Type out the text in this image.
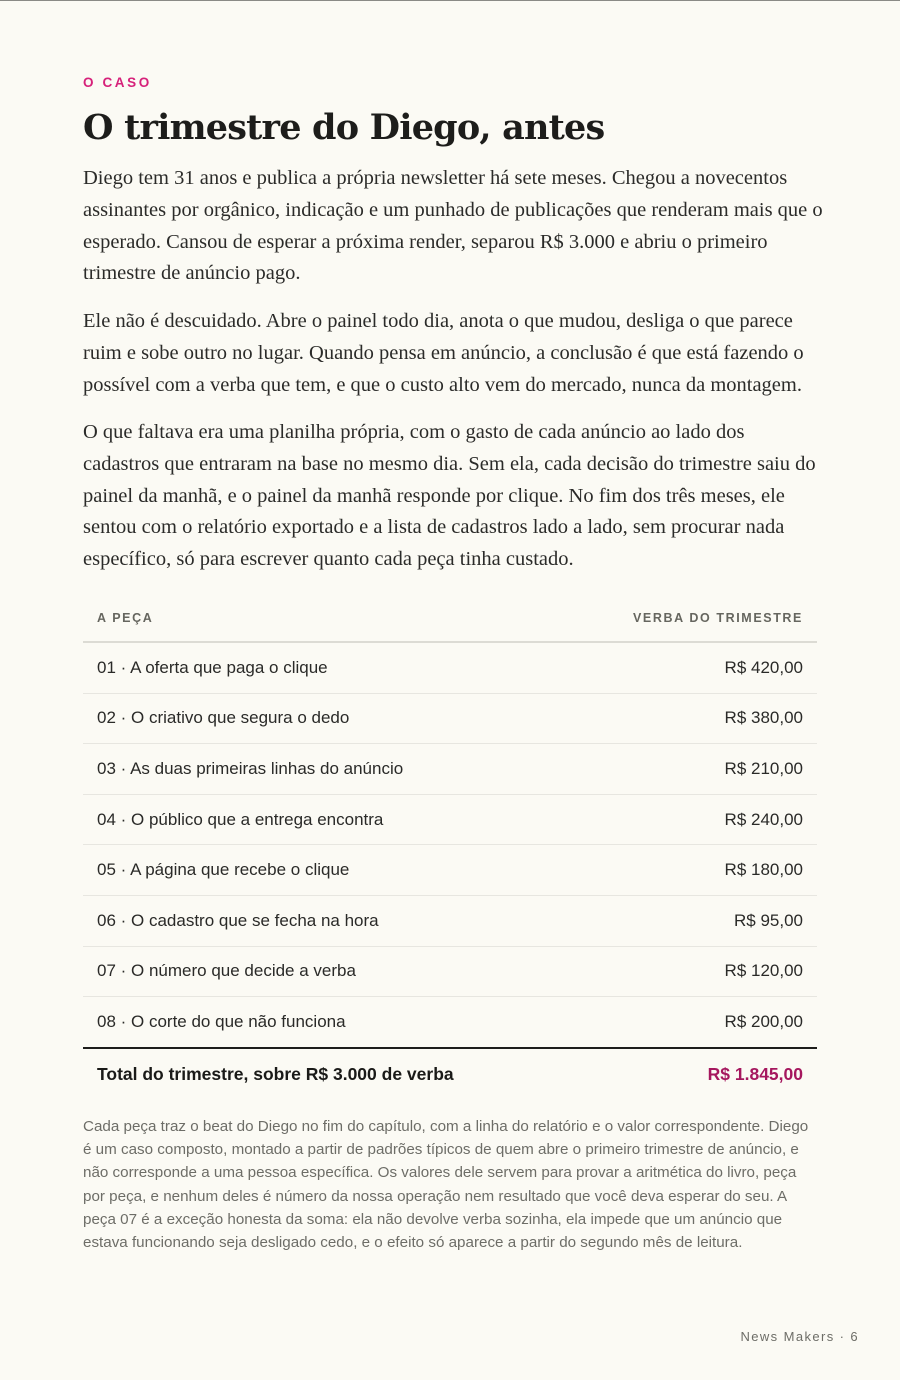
O CASO
O trimestre do Diego, antes

Diego tem 31 anos e publica a própria newsletter há sete meses. Chegou a novecentos assinantes por orgânico, indicação e um punhado de publicações que renderam mais que o esperado. Cansou de esperar a próxima render, separou R$ 3.000 e abriu o primeiro trimestre de anúncio pago.

Ele não é descuidado. Abre o painel todo dia, anota o que mudou, desliga o que parece ruim e sobe outro no lugar. Quando pensa em anúncio, a conclusão é que está fazendo o possível com a verba que tem, e que o custo alto vem do mercado, nunca da montagem.

O que faltava era uma planilha própria, com o gasto de cada anúncio ao lado dos cadastros que entraram na base no mesmo dia. Sem ela, cada decisão do trimestre saiu do painel da manhã, e o painel da manhã responde por clique. No fim dos três meses, ele sentou com o relatório exportado e a lista de cadastros lado a lado, sem procurar nada específico, só para escrever quanto cada peça tinha custado.

A PEÇA	VERBA DO TRIMESTRE
01 · A oferta que paga o clique	R$ 420,00
02 · O criativo que segura o dedo	R$ 380,00
03 · As duas primeiras linhas do anúncio	R$ 210,00
04 · O público que a entrega encontra	R$ 240,00
05 · A página que recebe o clique	R$ 180,00
06 · O cadastro que se fecha na hora	R$ 95,00
07 · O número que decide a verba	R$ 120,00
08 · O corte do que não funciona	R$ 200,00
Total do trimestre, sobre R$ 3.000 de verba	R$ 1.845,00

Cada peça traz o beat do Diego no fim do capítulo, com a linha do relatório e o valor correspondente. Diego é um caso composto, montado a partir de padrões típicos de quem abre o primeiro trimestre de anúncio, e não corresponde a uma pessoa específica. Os valores dele servem para provar a aritmética do livro, peça por peça, e nenhum deles é número da nossa operação nem resultado que você deva esperar do seu. A peça 07 é a exceção honesta da soma: ela não devolve verba sozinha, ela impede que um anúncio que estava funcionando seja desligado cedo, e o efeito só aparece a partir do segundo mês de leitura.

News Makers · 6
